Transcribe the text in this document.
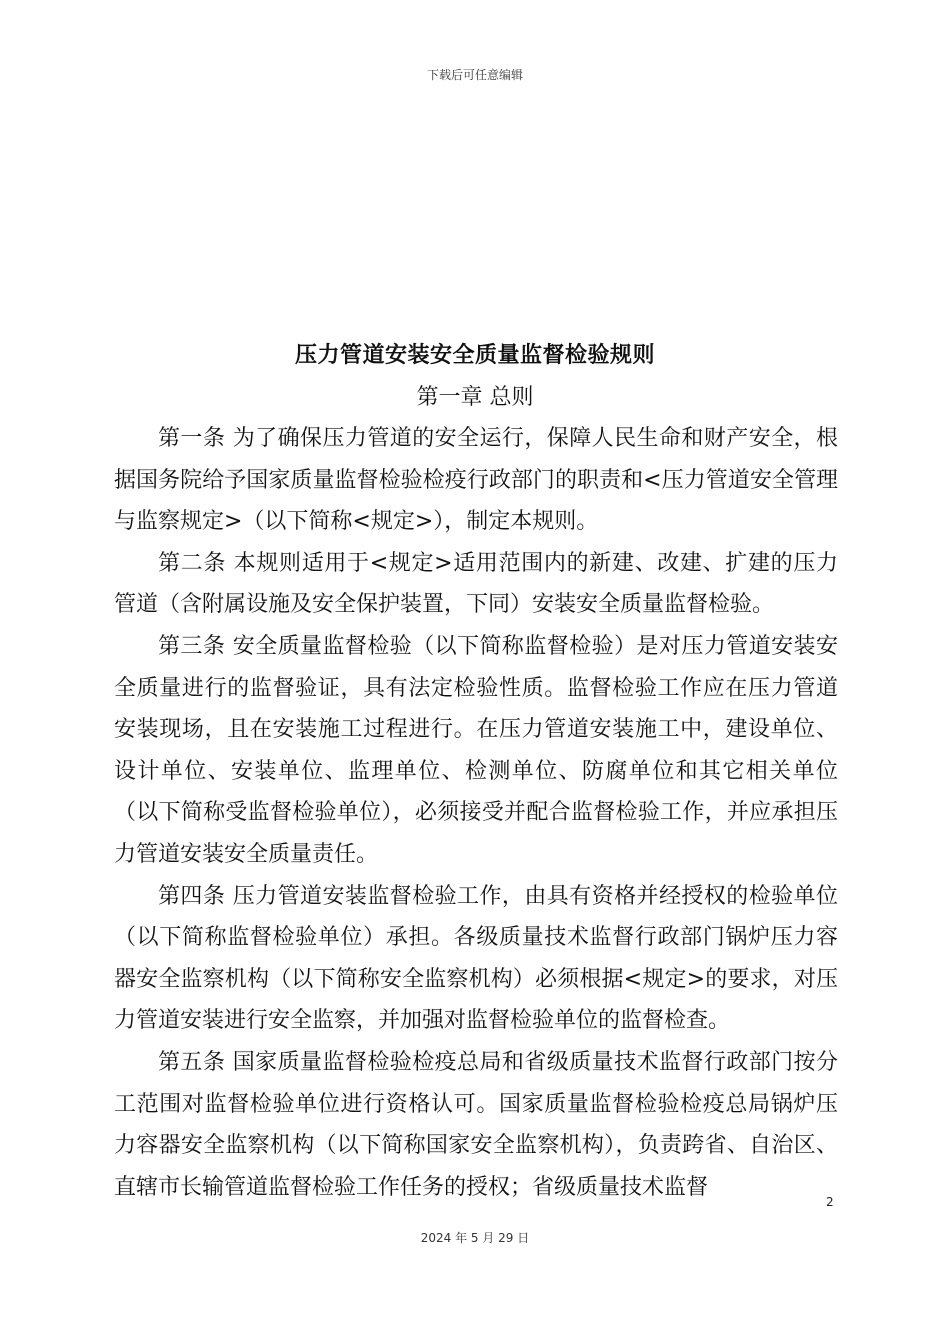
下载后可任意编辑
压力管道安装安全质量监督检验规则
第一章 总则

第一条 为了确保压力管道的安全运行，保障人民生命和财产安全，根据国务院给予国家质量监督检验检疫行政部门的职责和<压力管道安全管理与监察规定>（以下简称<规定>），制定本规则。

第二条 本规则适用于<规定>适用范围内的新建、改建、扩建的压力管道（含附属设施及安全保护装置，下同）安装安全质量监督检验。

第三条 安全质量监督检验（以下简称监督检验）是对压力管道安装安全质量进行的监督验证，具有法定检验性质。监督检验工作应在压力管道安装现场，且在安装施工过程进行。在压力管道安装施工中，建设单位、设计单位、安装单位、监理单位、检测单位、防腐单位和其它相关单位（以下简称受监督检验单位），必须接受并配合监督检验工作，并应承担压力管道安装安全质量责任。

第四条 压力管道安装监督检验工作，由具有资格并经授权的检验单位（以下简称监督检验单位）承担。各级质量技术监督行政部门锅炉压力容器安全监察机构（以下简称安全监察机构）必须根据<规定>的要求，对压力管道安装进行安全监察，并加强对监督检验单位的监督检查。

第五条 国家质量监督检验检疫总局和省级质量技术监督行政部门按分工范围对监督检验单位进行资格认可。国家质量监督检验检疫总局锅炉压力容器安全监察机构（以下简称国家安全监察机构），负责跨省、自治区、直辖市长输管道监督检验工作任务的授权；省级质量技术监督

2
2024 年 5 月 29 日
